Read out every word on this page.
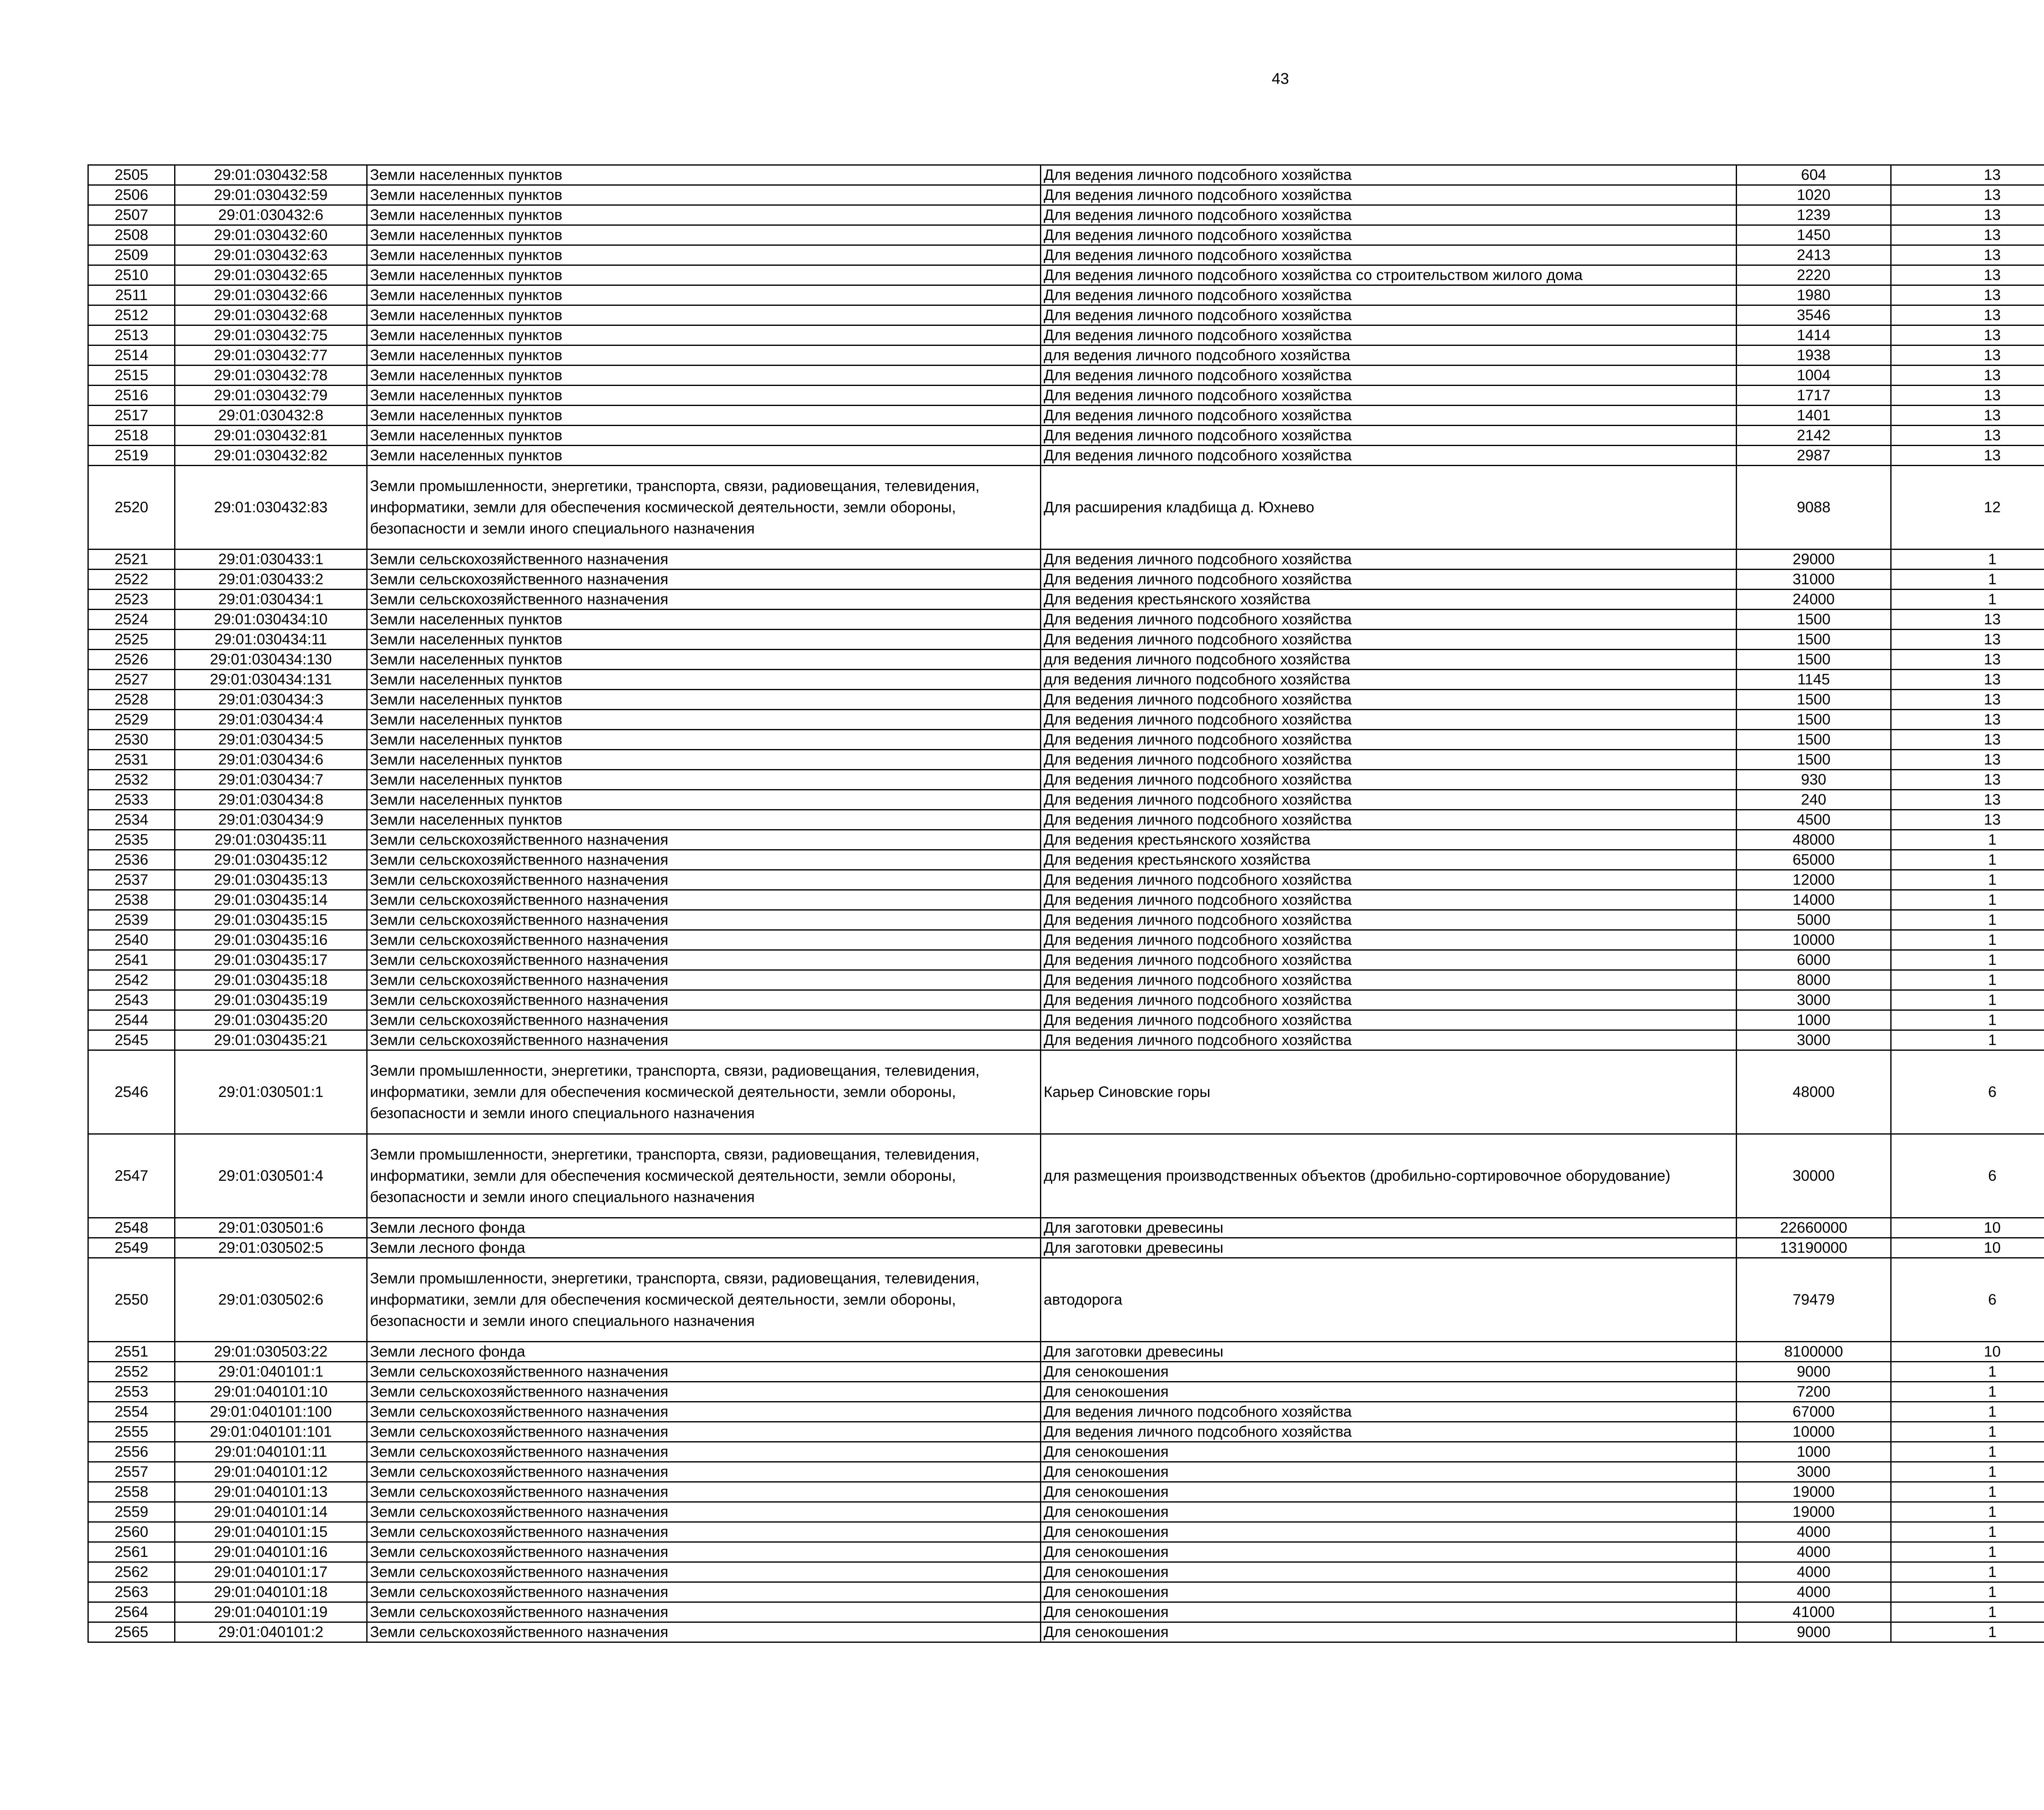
43
2505	29:01:030432:58	Земли населенных пунктов	Для ведения личного подсобного хозяйства	604	13		
2506	29:01:030432:59	Земли населенных пунктов	Для ведения личного подсобного хозяйства	1020	13		
2507	29:01:030432:6	Земли населенных пунктов	Для ведения личного подсобного хозяйства	1239	13		
2508	29:01:030432:60	Земли населенных пунктов	Для ведения личного подсобного хозяйства	1450	13		
2509	29:01:030432:63	Земли населенных пунктов	Для ведения личного подсобного хозяйства	2413	13		
2510	29:01:030432:65	Земли населенных пунктов	Для ведения личного подсобного хозяйства со строительством жилого дома	2220	13		
2511	29:01:030432:66	Земли населенных пунктов	Для ведения личного подсобного хозяйства	1980	13		
2512	29:01:030432:68	Земли населенных пунктов	Для ведения личного подсобного хозяйства	3546	13		
2513	29:01:030432:75	Земли населенных пунктов	Для ведения личного подсобного хозяйства	1414	13		
2514	29:01:030432:77	Земли населенных пунктов	для ведения личного подсобного хозяйства	1938	13		
2515	29:01:030432:78	Земли населенных пунктов	Для ведения личного подсобного хозяйства	1004	13		
2516	29:01:030432:79	Земли населенных пунктов	Для ведения личного подсобного хозяйства	1717	13		
2517	29:01:030432:8	Земли населенных пунктов	Для ведения личного подсобного хозяйства	1401	13		
2518	29:01:030432:81	Земли населенных пунктов	Для ведения личного подсобного хозяйства	2142	13		
2519	29:01:030432:82	Земли населенных пунктов	Для ведения личного подсобного хозяйства	2987	13		
2520	29:01:030432:83	Земли промышленности, энергетики, транспорта, связи, радиовещания, телевидения, информатики, земли для обеспечения космической деятельности, земли обороны, безопасности и земли иного специального назначения	Для расширения кладбища д. Юхнево	9088	12		
2521	29:01:030433:1	Земли сельскохозяйственного назначения	Для ведения личного подсобного хозяйства	29000	1		
2522	29:01:030433:2	Земли сельскохозяйственного назначения	Для ведения личного подсобного хозяйства	31000	1		
2523	29:01:030434:1	Земли сельскохозяйственного назначения	Для ведения крестьянского хозяйства	24000	1		
2524	29:01:030434:10	Земли населенных пунктов	Для ведения личного подсобного хозяйства	1500	13		
2525	29:01:030434:11	Земли населенных пунктов	Для ведения личного подсобного хозяйства	1500	13		
2526	29:01:030434:130	Земли населенных пунктов	для ведения личного подсобного хозяйства	1500	13		
2527	29:01:030434:131	Земли населенных пунктов	для ведения личного подсобного хозяйства	1145	13		
2528	29:01:030434:3	Земли населенных пунктов	Для ведения личного подсобного хозяйства	1500	13		
2529	29:01:030434:4	Земли населенных пунктов	Для ведения личного подсобного хозяйства	1500	13		
2530	29:01:030434:5	Земли населенных пунктов	Для ведения личного подсобного хозяйства	1500	13		
2531	29:01:030434:6	Земли населенных пунктов	Для ведения личного подсобного хозяйства	1500	13		
2532	29:01:030434:7	Земли населенных пунктов	Для ведения личного подсобного хозяйства	930	13		
2533	29:01:030434:8	Земли населенных пунктов	Для ведения личного подсобного хозяйства	240	13		
2534	29:01:030434:9	Земли населенных пунктов	Для ведения личного подсобного хозяйства	4500	13		
2535	29:01:030435:11	Земли сельскохозяйственного назначения	Для ведения крестьянского хозяйства	48000	1		
2536	29:01:030435:12	Земли сельскохозяйственного назначения	Для ведения крестьянского хозяйства	65000	1		
2537	29:01:030435:13	Земли сельскохозяйственного назначения	Для ведения личного подсобного хозяйства	12000	1		
2538	29:01:030435:14	Земли сельскохозяйственного назначения	Для ведения личного подсобного хозяйства	14000	1		
2539	29:01:030435:15	Земли сельскохозяйственного назначения	Для ведения личного подсобного хозяйства	5000	1		
2540	29:01:030435:16	Земли сельскохозяйственного назначения	Для ведения личного подсобного хозяйства	10000	1		
2541	29:01:030435:17	Земли сельскохозяйственного назначения	Для ведения личного подсобного хозяйства	6000	1		
2542	29:01:030435:18	Земли сельскохозяйственного назначения	Для ведения личного подсобного хозяйства	8000	1		
2543	29:01:030435:19	Земли сельскохозяйственного назначения	Для ведения личного подсобного хозяйства	3000	1		
2544	29:01:030435:20	Земли сельскохозяйственного назначения	Для ведения личного подсобного хозяйства	1000	1		
2545	29:01:030435:21	Земли сельскохозяйственного назначения	Для ведения личного подсобного хозяйства	3000	1		
2546	29:01:030501:1	Земли промышленности, энергетики, транспорта, связи, радиовещания, телевидения, информатики, земли для обеспечения космической деятельности, земли обороны, безопасности и земли иного специального назначения	Карьер Синовские горы	48000	6		
2547	29:01:030501:4	Земли промышленности, энергетики, транспорта, связи, радиовещания, телевидения, информатики, земли для обеспечения космической деятельности, земли обороны, безопасности и земли иного специального назначения	для размещения производственных объектов (дробильно-сортировочное оборудование)	30000	6		
2548	29:01:030501:6	Земли лесного фонда	Для заготовки древесины	22660000	10		
2549	29:01:030502:5	Земли лесного фонда	Для заготовки древесины	13190000	10		
2550	29:01:030502:6	Земли промышленности, энергетики, транспорта, связи, радиовещания, телевидения, информатики, земли для обеспечения космической деятельности, земли обороны, безопасности и земли иного специального назначения	автодорога	79479	6		
2551	29:01:030503:22	Земли лесного фонда	Для заготовки древесины	8100000	10		
2552	29:01:040101:1	Земли сельскохозяйственного назначения	Для сенокошения	9000	1		
2553	29:01:040101:10	Земли сельскохозяйственного назначения	Для сенокошения	7200	1		
2554	29:01:040101:100	Земли сельскохозяйственного назначения	Для ведения личного подсобного хозяйства	67000	1		
2555	29:01:040101:101	Земли сельскохозяйственного назначения	Для ведения личного подсобного хозяйства	10000	1		
2556	29:01:040101:11	Земли сельскохозяйственного назначения	Для сенокошения	1000	1		
2557	29:01:040101:12	Земли сельскохозяйственного назначения	Для сенокошения	3000	1		
2558	29:01:040101:13	Земли сельскохозяйственного назначения	Для сенокошения	19000	1		
2559	29:01:040101:14	Земли сельскохозяйственного назначения	Для сенокошения	19000	1		
2560	29:01:040101:15	Земли сельскохозяйственного назначения	Для сенокошения	4000	1		
2561	29:01:040101:16	Земли сельскохозяйственного назначения	Для сенокошения	4000	1		
2562	29:01:040101:17	Земли сельскохозяйственного назначения	Для сенокошения	4000	1		
2563	29:01:040101:18	Земли сельскохозяйственного назначения	Для сенокошения	4000	1		
2564	29:01:040101:19	Земли сельскохозяйственного назначения	Для сенокошения	41000	1		
2565	29:01:040101:2	Земли сельскохозяйственного назначения	Для сенокошения	9000	1		
